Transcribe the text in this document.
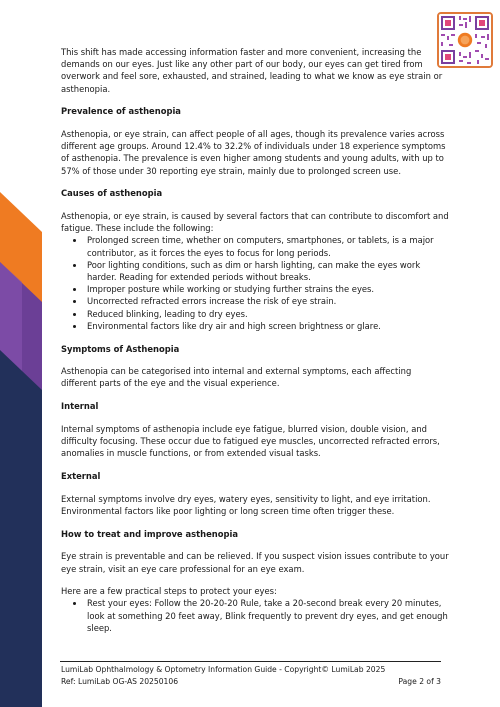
This shift has made accessing information faster and more convenient, increasing the demands on our eyes. Just like any other part of our body, our eyes can get tired from overwork and feel sore, exhausted, and strained, leading to what we know as eye strain or asthenopia.

Prevalence of asthenopia

Asthenopia, or eye strain, can affect people of all ages, though its prevalence varies across different age groups. Around 12.4% to 32.2% of individuals under 18 experience symptoms of asthenopia. The prevalence is even higher among students and young adults, with up to 57% of those under 30 reporting eye strain, mainly due to prolonged screen use.

Causes of asthenopia

Asthenopia, or eye strain, is caused by several factors that can contribute to discomfort and fatigue. These include the following:

• Prolonged screen time, whether on computers, smartphones, or tablets, is a major contributor, as it forces the eyes to focus for long periods.
• Poor lighting conditions, such as dim or harsh lighting, can make the eyes work harder. Reading for extended periods without breaks.
• Improper posture while working or studying further strains the eyes.
• Uncorrected refracted errors increase the risk of eye strain.
• Reduced blinking, leading to dry eyes.
• Environmental factors like dry air and high screen brightness or glare.

Symptoms of Asthenopia

Asthenopia can be categorised into internal and external symptoms, each affecting different parts of the eye and the visual experience.

Internal

Internal symptoms of asthenopia include eye fatigue, blurred vision, double vision, and difficulty focusing. These occur due to fatigued eye muscles, uncorrected refracted errors, anomalies in muscle functions, or from extended visual tasks.

External

External symptoms involve dry eyes, watery eyes, sensitivity to light, and eye irritation. Environmental factors like poor lighting or long screen time often trigger these.

How to treat and improve asthenopia

Eye strain is preventable and can be relieved. If you suspect vision issues contribute to your eye strain, visit an eye care professional for an eye exam.

Here are a few practical steps to protect your eyes:

• Rest your eyes: Follow the 20-20-20 Rule, take a 20-second break every 20 minutes, look at something 20 feet away, Blink frequently to prevent dry eyes, and get enough sleep.
LumiLab Ophthalmology & Optometry Information Guide - Copyright© LumiLab 2025
Ref: LumiLab OG-AS 20250106	Page 2 of 3
